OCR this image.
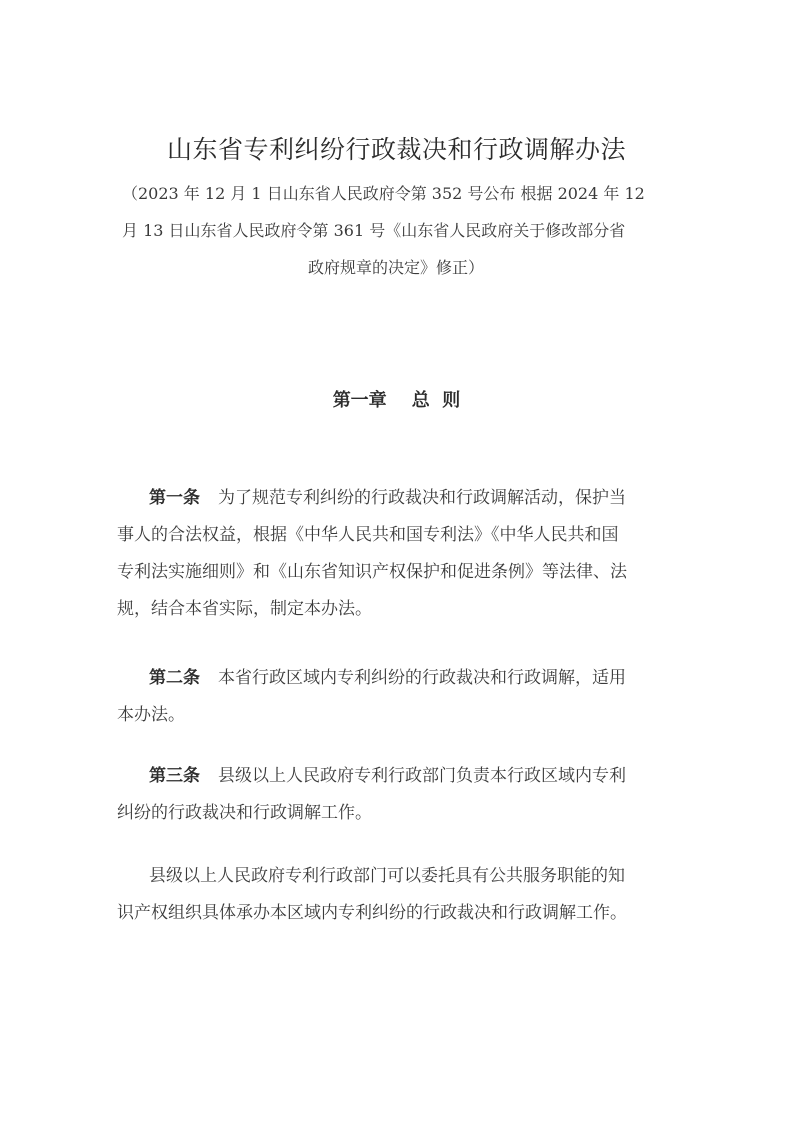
山东省专利纠纷行政裁决和行政调解办法
（2023 年 12 月 1 日山东省人民政府令第 352 号公布 根据 2024 年 12
月 13 日山东省人民政府令第 361 号《山东省人民政府关于修改部分省
政府规章的决定》修正）
第一章    总  则
第一条 为了规范专利纠纷的行政裁决和行政调解活动，保护当
事人的合法权益，根据《中华人民共和国专利法》《中华人民共和国
专利法实施细则》和《山东省知识产权保护和促进条例》等法律、法
规，结合本省实际，制定本办法。
第二条 本省行政区域内专利纠纷的行政裁决和行政调解，适用
本办法。
第三条 县级以上人民政府专利行政部门负责本行政区域内专利
纠纷的行政裁决和行政调解工作。
县级以上人民政府专利行政部门可以委托具有公共服务职能的知
识产权组织具体承办本区域内专利纠纷的行政裁决和行政调解工作。
